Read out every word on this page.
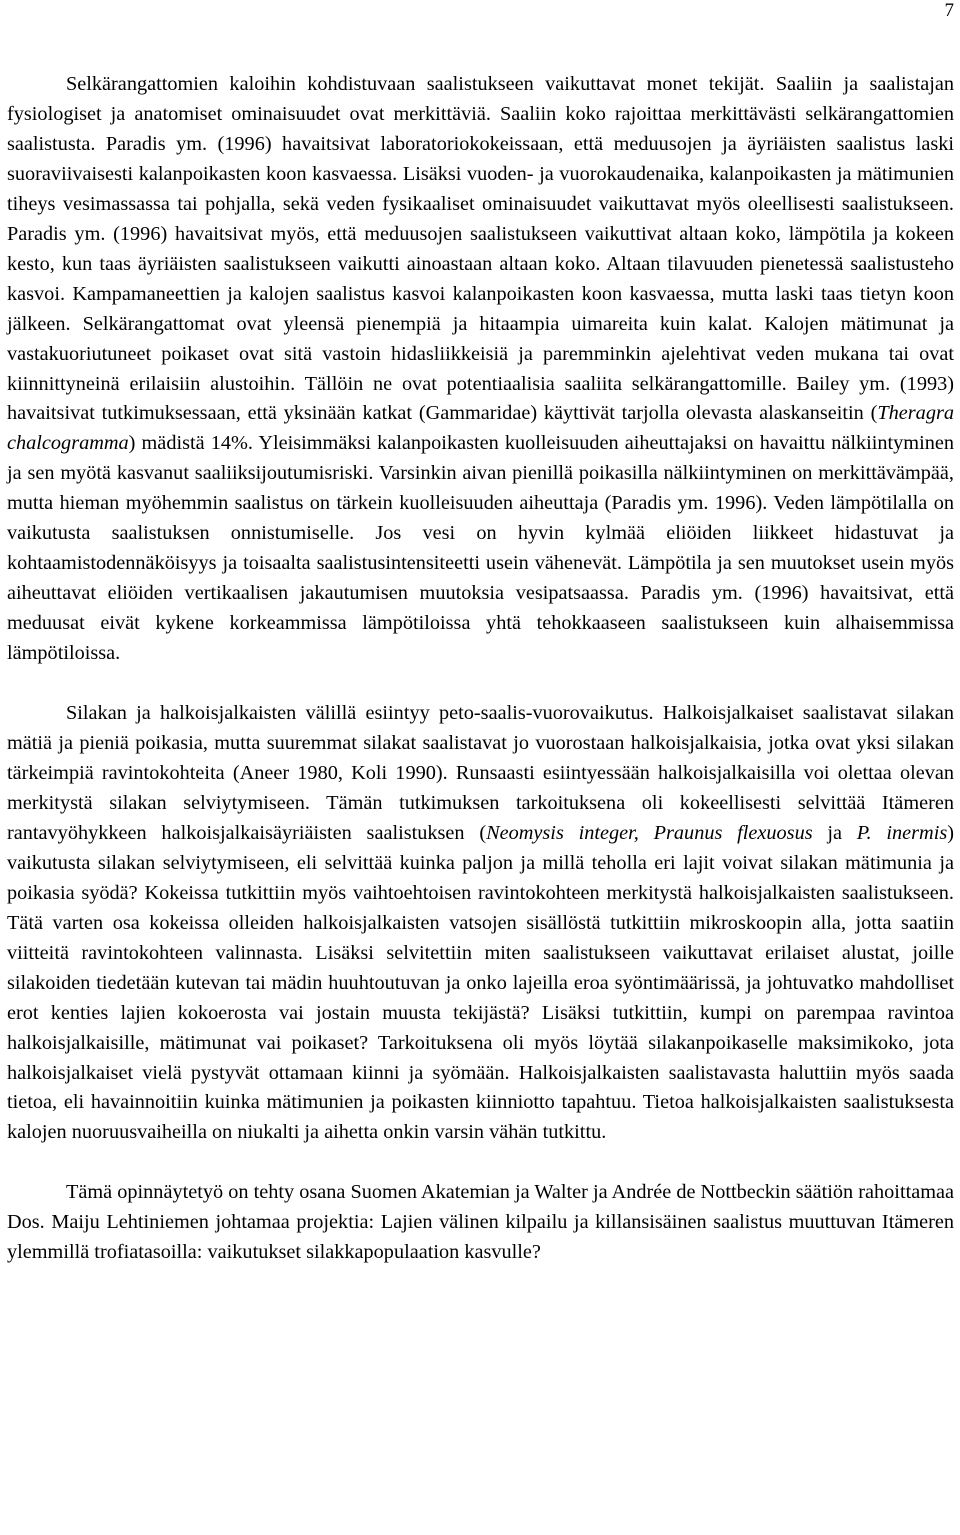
7

Selkärangattomien kaloihin kohdistuvaan saalistukseen vaikuttavat monet tekijät. Saaliin ja saalistajan fysiologiset ja anatomiset ominaisuudet ovat merkittäviä. Saaliin koko rajoittaa merkittävästi selkärangattomien saalistusta. Paradis ym. (1996) havaitsivat laboratoriokokeissaan, että meduusojen ja äyriäisten saalistus laski suoraviivaisesti kalanpoikasten koon kasvaessa. Lisäksi vuoden- ja vuorokaudenaika, kalanpoikasten ja mätimunien tiheys vesimassassa tai pohjalla, sekä veden fysikaaliset ominaisuudet vaikuttavat myös oleellisesti saalistukseen. Paradis ym. (1996) havaitsivat myös, että meduusojen saalistukseen vaikuttivat altaan koko, lämpötila ja kokeen kesto, kun taas äyriäisten saalistukseen vaikutti ainoastaan altaan koko. Altaan tilavuuden pienetessä saalistusteho kasvoi. Kampamaneettien ja kalojen saalistus kasvoi kalanpoikasten koon kasvaessa, mutta laski taas tietyn koon jälkeen. Selkärangattomat ovat yleensä pienempiä ja hitaampia uimareita kuin kalat. Kalojen mätimunat ja vastakuoriutuneet poikaset ovat sitä vastoin hidasliikkeisiä ja paremminkin ajelehtivat veden mukana tai ovat kiinnittyneinä erilaisiin alustoihin. Tällöin ne ovat potentiaalisia saaliita selkärangattomille. Bailey ym. (1993) havaitsivat tutkimuksessaan, että yksinään katkat (Gammaridae) käyttivät tarjolla olevasta alaskanseitin (Theragra chalcogramma) mädistä 14%. Yleisimmäksi kalanpoikasten kuolleisuuden aiheuttajaksi on havaittu nälkiintyminen ja sen myötä kasvanut saaliiksijoutumisriski. Varsinkin aivan pienillä poikasilla nälkiintyminen on merkittävämpää, mutta hieman myöhemmin saalistus on tärkein kuolleisuuden aiheuttaja (Paradis ym. 1996). Veden lämpötilalla on vaikutusta saalistuksen onnistumiselle. Jos vesi on hyvin kylmää eliöiden liikkeet hidastuvat ja kohtaamistodennäköisyys ja toisaalta saalistusintensiteetti usein vähenevät. Lämpötila ja sen muutokset usein myös aiheuttavat eliöiden vertikaalisen jakautumisen muutoksia vesipatsaassa. Paradis ym. (1996) havaitsivat, että meduusat eivät kykene korkeammissa lämpötiloissa yhtä tehokkaaseen saalistukseen kuin alhaisemmissa lämpötiloissa.

Silakan ja halkoisjalkaisten välillä esiintyy peto-saalis-vuorovaikutus. Halkoisjalkaiset saalistavat silakan mätiä ja pieniä poikasia, mutta suuremmat silakat saalistavat jo vuorostaan halkoisjalkaisia, jotka ovat yksi silakan tärkeimpiä ravintokohteita (Aneer 1980, Koli 1990). Runsaasti esiintyessään halkoisjalkaisilla voi olettaa olevan merkitystä silakan selviytymiseen. Tämän tutkimuksen tarkoituksena oli kokeellisesti selvittää Itämeren rantavyöhykkeen halkoisjalkaisäyriäisten saalistuksen (Neomysis integer, Praunus flexuosus ja P. inermis) vaikutusta silakan selviytymiseen, eli selvittää kuinka paljon ja millä teholla eri lajit voivat silakan mätimunia ja poikasia syödä? Kokeissa tutkittiin myös vaihtoehtoisen ravintokohteen merkitystä halkoisjalkaisten saalistukseen. Tätä varten osa kokeissa olleiden halkoisjalkaisten vatsojen sisällöstä tutkittiin mikroskoopin alla, jotta saatiin viitteitä ravintokohteen valinnasta. Lisäksi selvitettiin miten saalistukseen vaikuttavat erilaiset alustat, joille silakoiden tiedetään kutevan tai mädin huuhtoutuvan ja onko lajeilla eroa syöntimäärissä, ja johtuvatko mahdolliset erot kenties lajien kokoerosta vai jostain muusta tekijästä? Lisäksi tutkittiin, kumpi on parempaa ravintoa halkoisjalkaisille, mätimunat vai poikaset? Tarkoituksena oli myös löytää silakanpoikaselle maksimikoko, jota halkoisjalkaiset vielä pystyvät ottamaan kiinni ja syömään. Halkoisjalkaisten saalistavasta haluttiin myös saada tietoa, eli havainnoitiin kuinka mätimunien ja poikasten kiinniotto tapahtuu. Tietoa halkoisjalkaisten saalistuksesta kalojen nuoruusvaiheilla on niukalti ja aihetta onkin varsin vähän tutkittu.

Tämä opinnäytetyö on tehty osana Suomen Akatemian ja Walter ja Andrée de Nottbeckin säätiön rahoittamaa Dos. Maiju Lehtiniemen johtamaa projektia: Lajien välinen kilpailu ja killansisäinen saalistus muuttuvan Itämeren ylemmillä trofiatasoilla: vaikutukset silakkapopulaation kasvulle?
